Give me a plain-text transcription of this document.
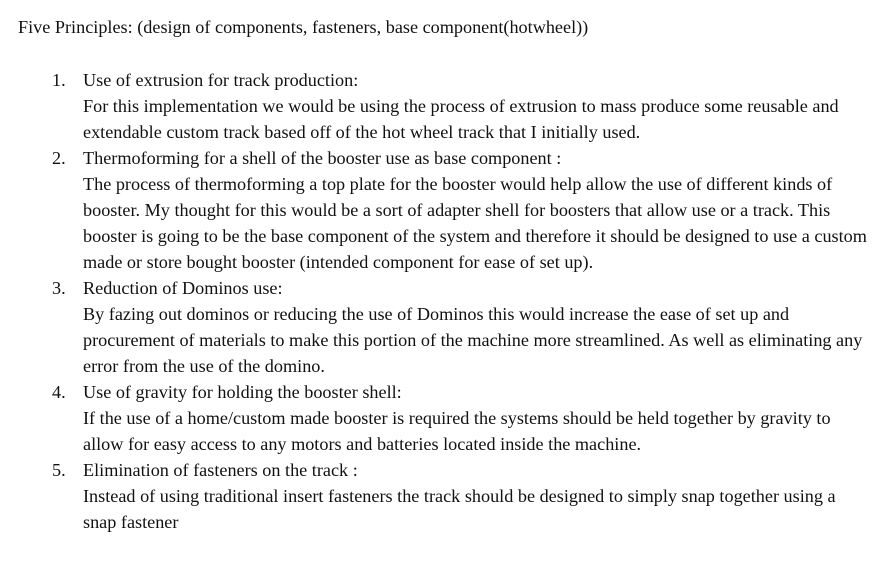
Five Principles: (design of components, fasteners, base component(hotwheel))
1. Use of extrusion for track production:
For this implementation we would be using the process of extrusion to mass produce some reusable and extendable custom track based off of the hot wheel track that I initially used.
2. Thermoforming for a shell of the booster use as base component :
The process of thermoforming a top plate for the booster would help allow the use of different kinds of booster. My thought for this would be a sort of adapter shell for boosters that allow use or a track. This booster is going to be the base component of the system and therefore it should be designed to use a custom made or store bought booster (intended component for ease of set up).
3. Reduction of Dominos use:
By fazing out dominos or reducing the use of Dominos this would increase the ease of set up and procurement of materials to make this portion of the machine more streamlined. As well as eliminating any error from the use of the domino.
4. Use of gravity for holding the booster shell:
If the use of a home/custom made booster is required the systems should be held together by gravity to allow for easy access to any motors and batteries located inside the machine.
5. Elimination of fasteners on the track :
Instead of using traditional insert fasteners the track should be designed to simply snap together using a snap fastener
